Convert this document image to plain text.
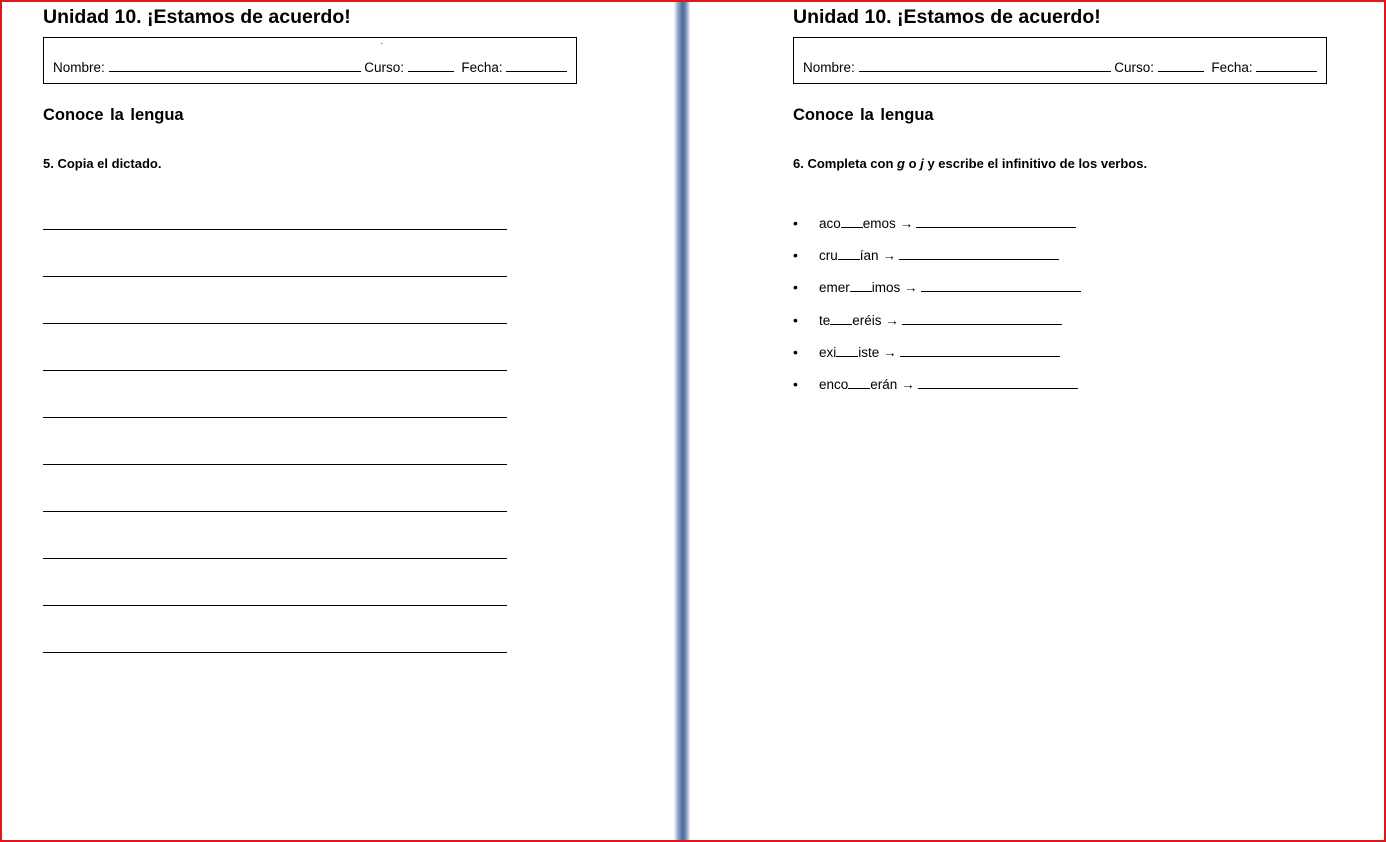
Unidad 10. ¡Estamos de acuerdo!
·
Nombre:	Curso:	Fecha:
Conoce la lengua

5. Copia el dictado.

Unidad 10. ¡Estamos de acuerdo!
Nombre:	Curso:	Fecha:
Conoce la lengua

6. Completa con g o j y escribe el infinitivo de los verbos.

• aco emos →
• cru ían →
• emer imos →
• te eréis →
• exi iste →
• enco erán →
